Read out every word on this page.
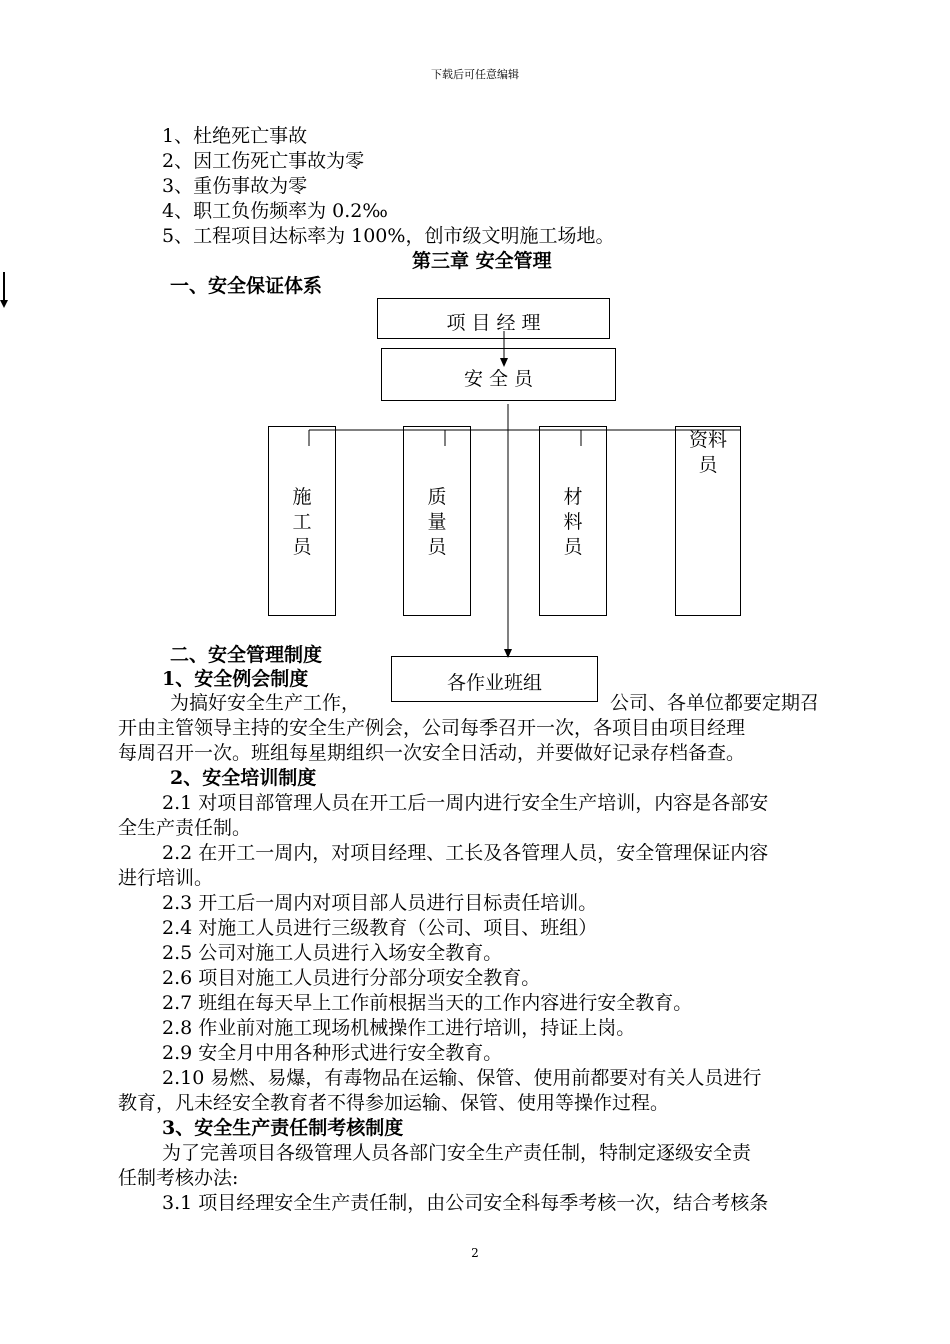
下载后可任意编辑
1、杜绝死亡事故
2、因工伤死亡事故为零
3、重伤事故为零
4、职工负伤频率为 0.2‰
5、工程项目达标率为 100%，创市级文明施工场地。
第三章 安全管理
一、安全保证体系
项 目 经 理
安 全 员
施
工
员
质
量
员
材
料
员
资料
员
各作业班组
二、安全管理制度
1、安全例会制度
为搞好安全生产工作，	公司、各单位都要定期召
开由主管领导主持的安全生产例会，公司每季召开一次，各项目由项目经理
每周召开一次。班组每星期组织一次安全日活动，并要做好记录存档备查。
2、安全培训制度
2.1 对项目部管理人员在开工后一周内进行安全生产培训，内容是各部安
全生产责任制。
2.2 在开工一周内，对项目经理、工长及各管理人员，安全管理保证内容
进行培训。
2.3 开工后一周内对项目部人员进行目标责任培训。
2.4 对施工人员进行三级教育（公司、项目、班组）
2.5 公司对施工人员进行入场安全教育。
2.6 项目对施工人员进行分部分项安全教育。
2.7 班组在每天早上工作前根据当天的工作内容进行安全教育。
2.8 作业前对施工现场机械操作工进行培训，持证上岗。
2.9 安全月中用各种形式进行安全教育。
2.10 易燃、易爆，有毒物品在运输、保管、使用前都要对有关人员进行
教育，凡未经安全教育者不得参加运输、保管、使用等操作过程。
3、安全生产责任制考核制度
为了完善项目各级管理人员各部门安全生产责任制，特制定逐级安全责
任制考核办法:
3.1 项目经理安全生产责任制，由公司安全科每季考核一次，结合考核条
2
